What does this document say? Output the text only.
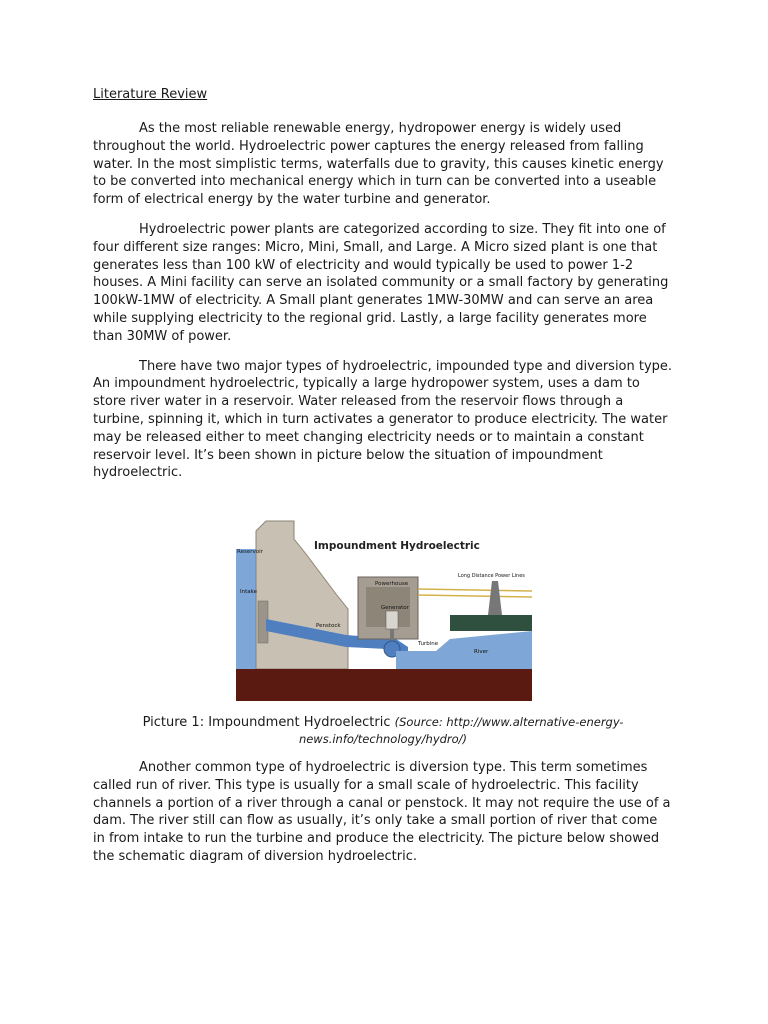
Literature Review

As the most reliable renewable energy, hydropower energy is widely used throughout the world. Hydroelectric power captures the energy released from falling water. In the most simplistic terms, waterfalls due to gravity, this causes kinetic energy to be converted into mechanical energy which in turn can be converted into a useable form of electrical energy by the water turbine and generator.

Hydroelectric power plants are categorized according to size. They fit into one of four different size ranges: Micro, Mini, Small, and Large. A Micro sized plant is one that generates less than 100 kW of electricity and would typically be used to power 1-2 houses. A Mini facility can serve an isolated community or a small factory by generating 100kW-1MW of electricity. A Small plant generates 1MW-30MW and can serve an area while supplying electricity to the regional grid. Lastly, a large facility generates more than 30MW of power.

There have two major types of hydroelectric, impounded type and diversion type. An impoundment hydroelectric, typically a large hydropower system, uses a dam to store river water in a reservoir. Water released from the reservoir flows through a turbine, spinning it, which in turn activates a generator to produce electricity. The water may be released either to meet changing electricity needs or to maintain a constant reservoir level. It’s been shown in picture below the situation of impoundment hydroelectric.

Impoundment Hydroelectric
Reservoir
Intake
Powerhouse
Generator
Penstock
Turbine
River
Long Distance Power Lines
Picture 1: Impoundment Hydroelectric (Source: http://www.alternative-energy-news.info/technology/hydro/)

Another common type of hydroelectric is diversion type. This term sometimes called run of river. This type is usually for a small scale of hydroelectric. This facility channels a portion of a river through a canal or penstock. It may not require the use of a dam. The river still can flow as usually, it’s only take a small portion of river that come in from intake to run the turbine and produce the electricity. The picture below showed the schematic diagram of diversion hydroelectric.
